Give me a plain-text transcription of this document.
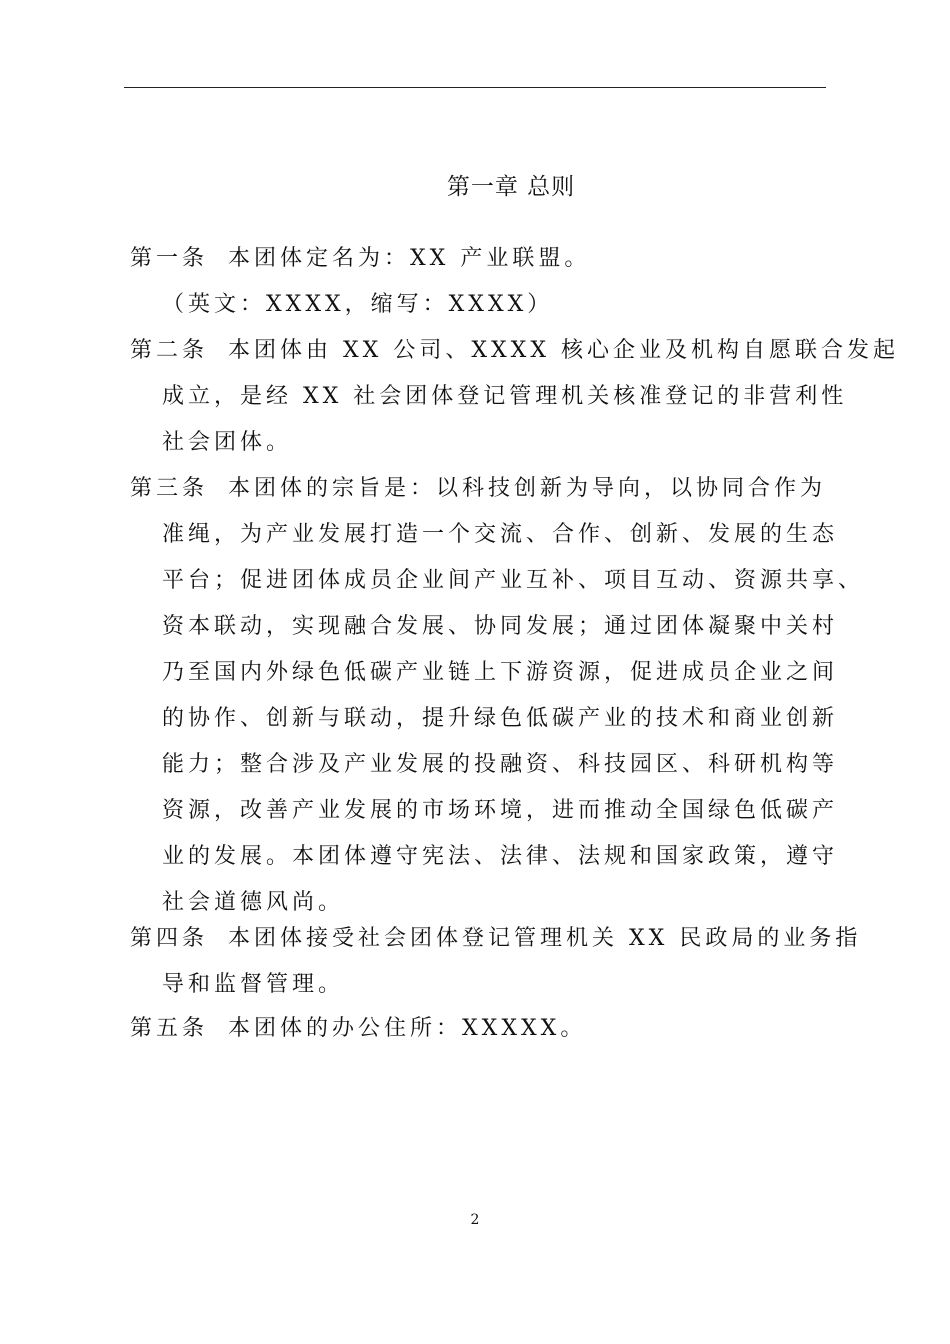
第一章 总则
第一条 本团体定名为：XX 产业联盟。
（英文：XXXX，缩写：XXXX）
第二条 本团体由 XX 公司、XXXX 核心企业及机构自愿联合发起
成立，是经 XX 社会团体登记管理机关核准登记的非营利性
社会团体。
第三条 本团体的宗旨是：以科技创新为导向，以协同合作为
准绳，为产业发展打造一个交流、合作、创新、发展的生态
平台；促进团体成员企业间产业互补、项目互动、资源共享、
资本联动，实现融合发展、协同发展；通过团体凝聚中关村
乃至国内外绿色低碳产业链上下游资源，促进成员企业之间
的协作、创新与联动，提升绿色低碳产业的技术和商业创新
能力；整合涉及产业发展的投融资、科技园区、科研机构等
资源，改善产业发展的市场环境，进而推动全国绿色低碳产
业的发展。本团体遵守宪法、法律、法规和国家政策，遵守
社会道德风尚。
第四条 本团体接受社会团体登记管理机关 XX 民政局的业务指
导和监督管理。
第五条 本团体的办公住所：XXXXX。
2
